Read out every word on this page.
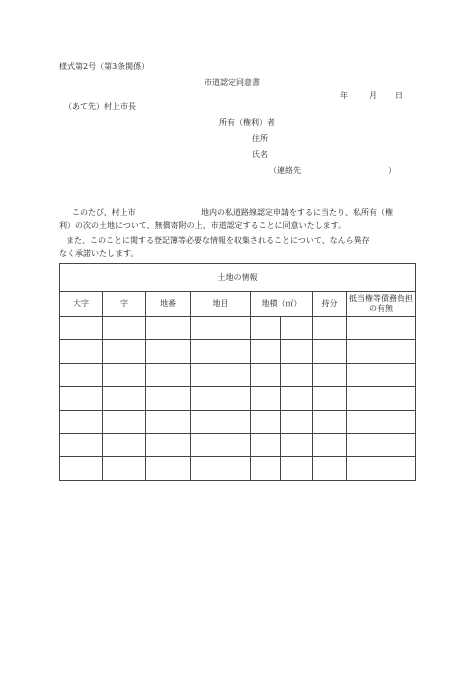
様式第2号（第3条関係）
市道認定同意書
年	月 日
（あて先）村上市長
所有（権利）者
住所
氏名
（連絡先	）
このたび、村上市	地内の私道路線認定申請をするに当たり、私所有（権
利）の次の土地について、無償寄附の上、市道認定することに同意いたします。
また、このことに関する登記簿等必要な情報を収集されることについて、なんら異存
なく承諾いたします。
土地の情報							
大字	字	地番	地目	地積（㎡）		持分	抵当権等債務負担の有無
